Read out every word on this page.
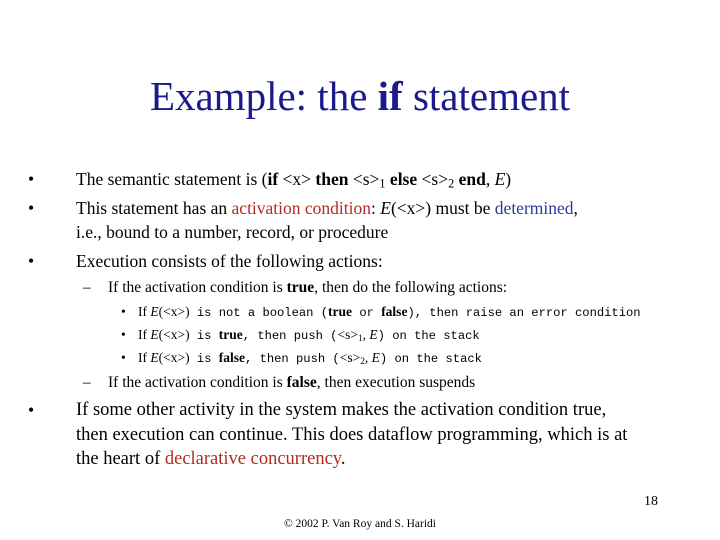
Example: the if statement
•	The semantic statement is (if <x> then $<s>_1$ else $<s>_2$ end, E)
•	This statement has an activation condition: E(<x>) must be determined,
i.e., bound to a number, record, or procedure
•	Execution consists of the following actions:
– If the activation condition is true, then do the following actions:
• If E(<x>) is not a boolean (true or false), then raise an error condition
• If E(<x>) is true, then push ($<s>_1$, E) on the stack
• If E(<x>) is false, then push ($<s>_2$, E) on the stack
– If the activation condition is false, then execution suspends
• If some other activity in the system makes the activation condition true,
then execution can continue. This does dataflow programming, which is at
the heart of declarative concurrency.
18
© 2002 P. Van Roy and S. Haridi
